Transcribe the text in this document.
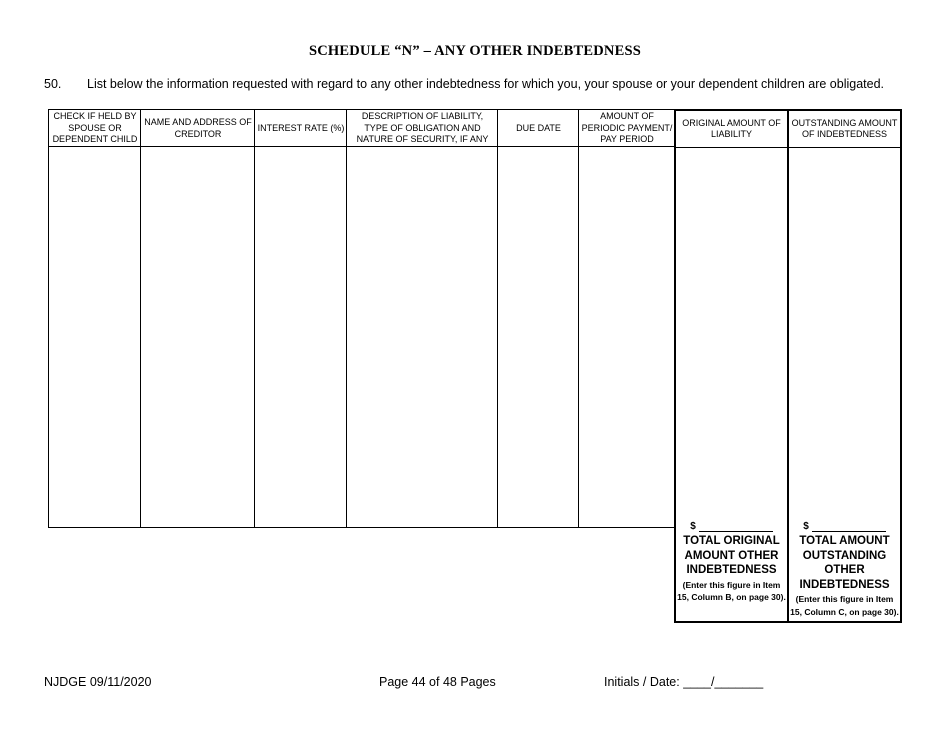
SCHEDULE “N” – ANY OTHER INDEBTEDNESS
50. List below the information requested with regard to any other indebtedness for which you, your spouse or your dependent children are obligated.
CHECK IF HELD BY SPOUSE OR DEPENDENT CHILD
NAME AND ADDRESS OF CREDITOR
INTEREST RATE (%)
DESCRIPTION OF LIABILITY, TYPE OF OBLIGATION AND NATURE OF SECURITY, IF ANY
DUE DATE
AMOUNT OF PERIODIC PAYMENT/ PAY PERIOD
ORIGINAL AMOUNT OF LIABILITY
$
TOTAL ORIGINAL AMOUNT OTHER INDEBTEDNESS
(Enter this figure in Item 15, Column B, on page 30).
OUTSTANDING AMOUNT OF INDEBTEDNESS
$
TOTAL AMOUNT OUTSTANDING OTHER INDEBTEDNESS
(Enter this figure in Item 15, Column C, on page 30).
NJDGE 09/11/2020	Page 44 of 48 Pages	Initials / Date: ____/_______
